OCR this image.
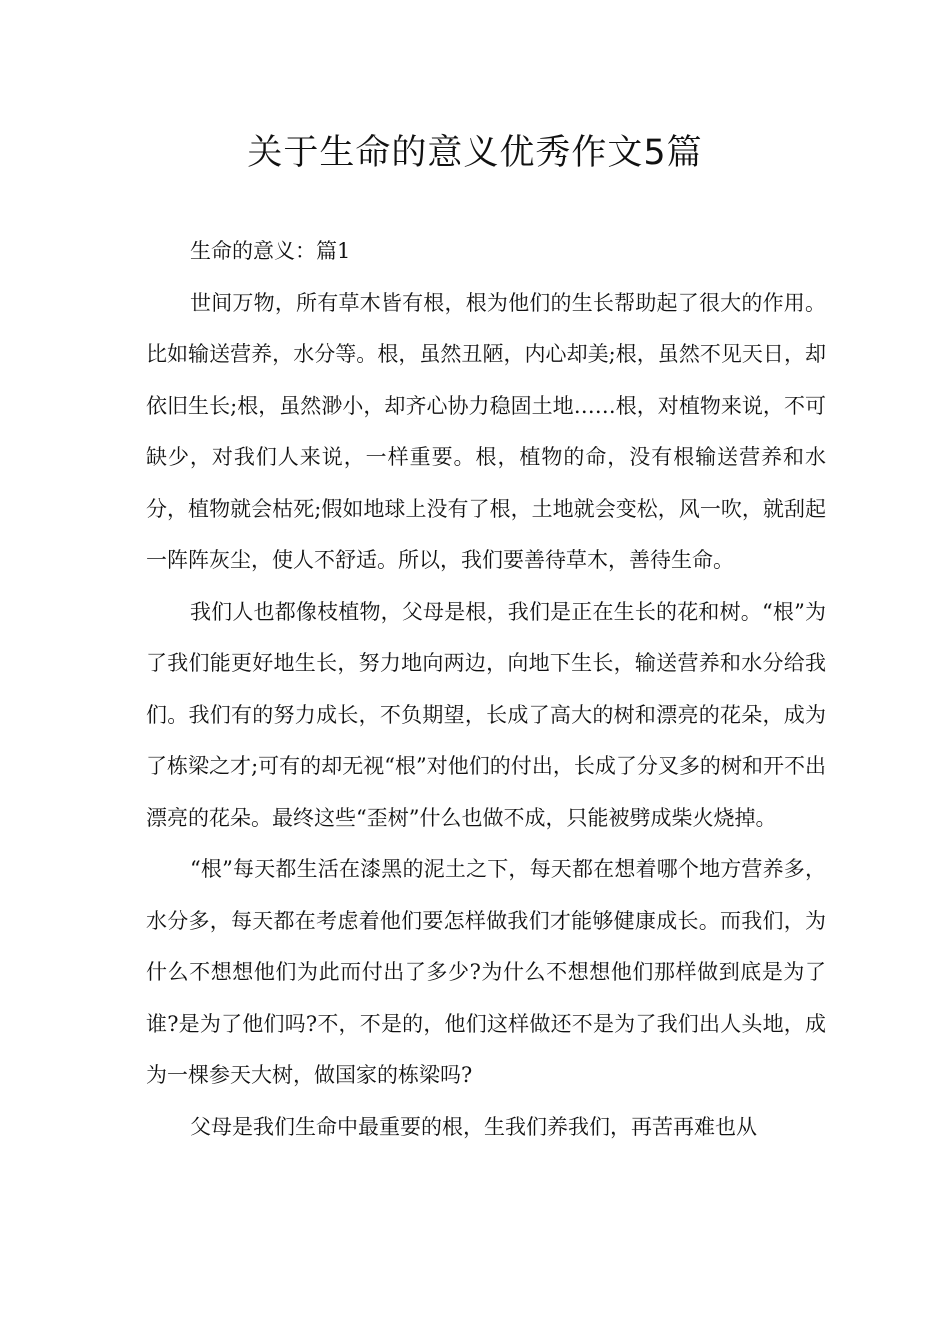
关于生命的意义优秀作文5篇

生命的意义：篇1

世间万物，所有草木皆有根，根为他们的生长帮助起了很大的作用。比如输送营养，水分等。根，虽然丑陋，内心却美;根，虽然不见天日，却依旧生长;根，虽然渺小，却齐心协力稳固土地……根，对植物来说，不可缺少，对我们人来说，一样重要。根，植物的命，没有根输送营养和水分，植物就会枯死;假如地球上没有了根，土地就会变松，风一吹，就刮起一阵阵灰尘，使人不舒适。所以，我们要善待草木，善待生命。

我们人也都像枝植物，父母是根，我们是正在生长的花和树。“根”为了我们能更好地生长，努力地向两边，向地下生长，输送营养和水分给我们。我们有的努力成长，不负期望，长成了高大的树和漂亮的花朵，成为了栋梁之才;可有的却无视“根”对他们的付出，长成了分叉多的树和开不出漂亮的花朵。最终这些“歪树”什么也做不成，只能被劈成柴火烧掉。

“根”每天都生活在漆黑的泥土之下，每天都在想着哪个地方营养多，水分多，每天都在考虑着他们要怎样做我们才能够健康成长。而我们，为什么不想想他们为此而付出了多少?为什么不想想他们那样做到底是为了谁?是为了他们吗?不，不是的，他们这样做还不是为了我们出人头地，成为一棵参天大树，做国家的栋梁吗?

父母是我们生命中最重要的根，生我们养我们，再苦再难也从
